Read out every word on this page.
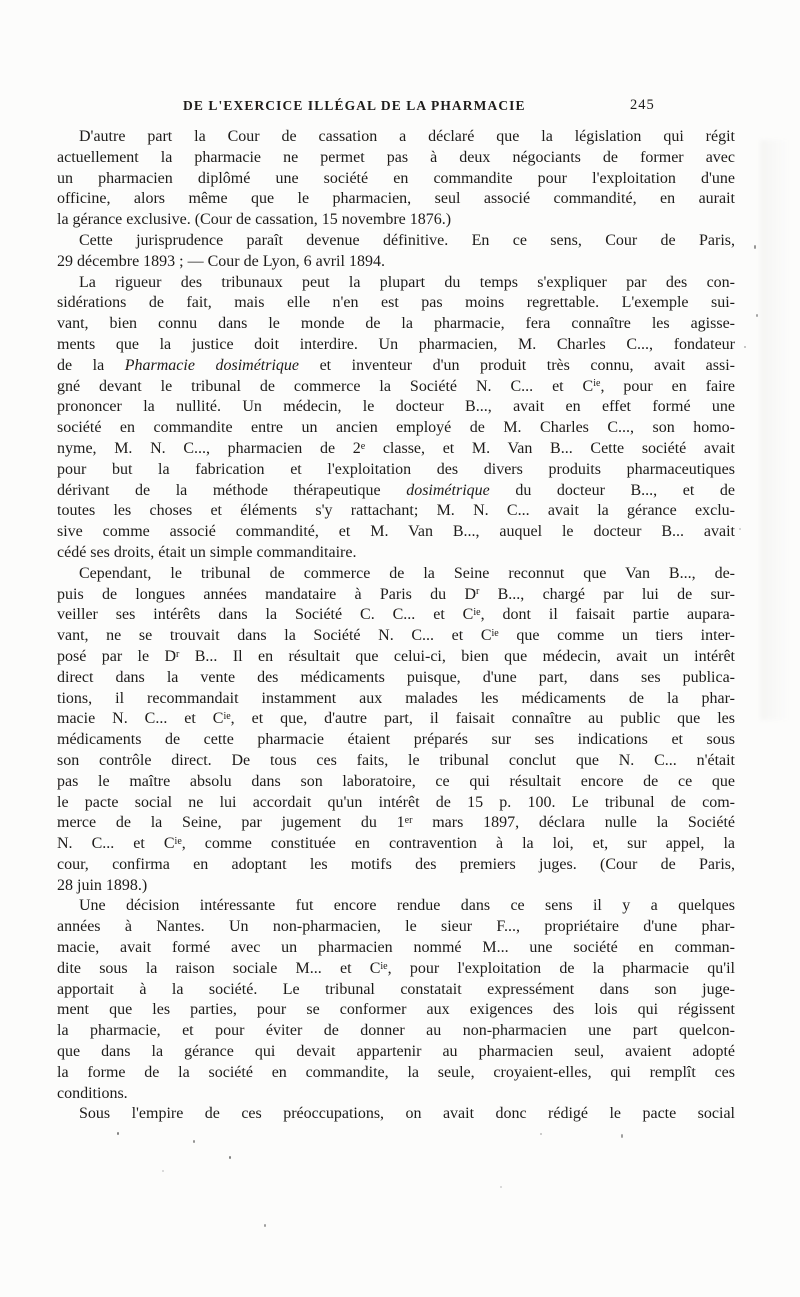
DE L'EXERCICE ILLÉGAL DE LA PHARMACIE	245
D'autre part la Cour de cassation a déclaré que la législation qui régit
actuellement la pharmacie ne permet pas à deux négociants de former avec
un pharmacien diplômé une société en commandite pour l'exploitation d'une
officine, alors même que le pharmacien, seul associé commandité, en aurait
la gérance exclusive. (Cour de cassation, 15 novembre 1876.)
Cette jurisprudence paraît devenue définitive. En ce sens, Cour de Paris,
29 décembre 1893 ; — Cour de Lyon, 6 avril 1894.
La rigueur des tribunaux peut la plupart du temps s'expliquer par des con-
sidérations de fait, mais elle n'en est pas moins regrettable. L'exemple sui-
vant, bien connu dans le monde de la pharmacie, fera connaître les agisse-
ments que la justice doit interdire. Un pharmacien, M. Charles C..., fondateur
de la Pharmacie dosimétrique et inventeur d'un produit très connu, avait assi-
gné devant le tribunal de commerce la Société N. C... et $C^{ie}$, pour en faire
prononcer la nullité. Un médecin, le docteur B..., avait en effet formé une
société en commandite entre un ancien employé de M. Charles C..., son homo-
nyme, M. N. C..., pharmacien de 2e classe, et M. Van B... Cette société avait
pour but la fabrication et l'exploitation des divers produits pharmaceutiques
dérivant de la méthode thérapeutique dosimétrique du docteur B..., et de
toutes les choses et éléments s'y rattachant; M. N. C... avait la gérance exclu-
sive comme associé commandité, et M. Van B..., auquel le docteur B... avait
cédé ses droits, était un simple commanditaire.
Cependant, le tribunal de commerce de la Seine reconnut que Van B..., de-
puis de longues années mandataire à Paris du $D^r$ B..., chargé par lui de sur-
veiller ses intérêts dans la Société C. C... et $C^{ie}$, dont il faisait partie aupara-
vant, ne se trouvait dans la Société N. C... et $C^{ie}$ que comme un tiers inter-
posé par le $D^r$ B... Il en résultait que celui-ci, bien que médecin, avait un intérêt
direct dans la vente des médicaments puisque, d'une part, dans ses publica-
tions, il recommandait instamment aux malades les médicaments de la phar-
macie N. C... et $C^{ie}$, et que, d'autre part, il faisait connaître au public que les
médicaments de cette pharmacie étaient préparés sur ses indications et sous
son contrôle direct. De tous ces faits, le tribunal conclut que N. C... n'était
pas le maître absolu dans son laboratoire, ce qui résultait encore de ce que
le pacte social ne lui accordait qu'un intérêt de 15 p. 100. Le tribunal de com-
merce de la Seine, par jugement du 1er mars 1897, déclara nulle la Société
N. C... et $C^{ie}$, comme constituée en contravention à la loi, et, sur appel, la
cour, confirma en adoptant les motifs des premiers juges. (Cour de Paris,
28 juin 1898.)
Une décision intéressante fut encore rendue dans ce sens il y a quelques
années à Nantes. Un non-pharmacien, le sieur F..., propriétaire d'une phar-
macie, avait formé avec un pharmacien nommé M... une société en comman-
dite sous la raison sociale M... et $C^{ie}$, pour l'exploitation de la pharmacie qu'il
apportait à la société. Le tribunal constatait expressément dans son juge-
ment que les parties, pour se conformer aux exigences des lois qui régissent
la pharmacie, et pour éviter de donner au non-pharmacien une part quelcon-
que dans la gérance qui devait appartenir au pharmacien seul, avaient adopté
la forme de la société en commandite, la seule, croyaient-elles, qui remplît ces
conditions.
Sous l'empire de ces préoccupations, on avait donc rédigé le pacte social
